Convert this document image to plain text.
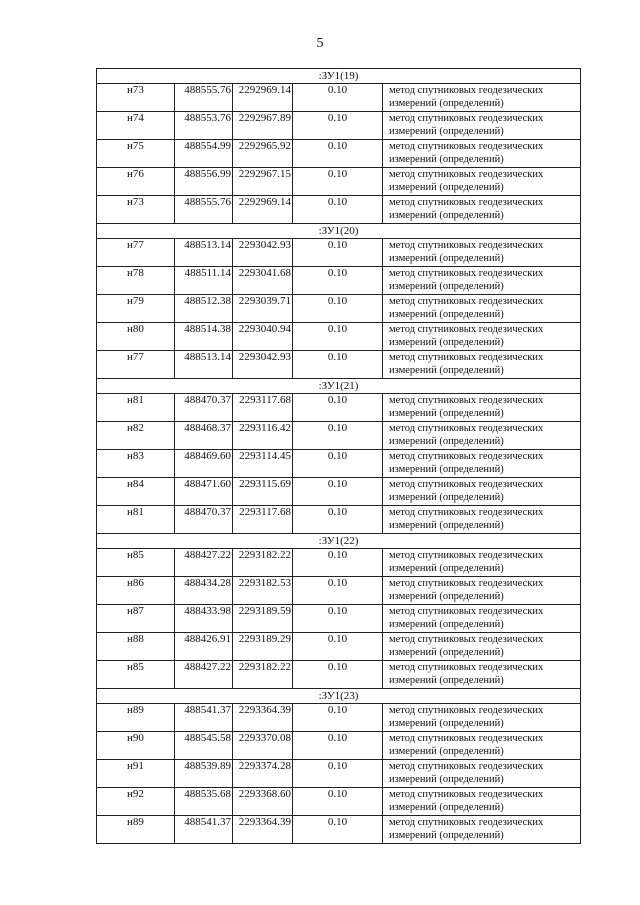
5
:ЗУ1(19)				
н73	488555.76	2292969.14	0.10	метод спутниковых геодезических измерений (определений)
н74	488553.76	2292967.89	0.10	метод спутниковых геодезических измерений (определений)
н75	488554.99	2292965.92	0.10	метод спутниковых геодезических измерений (определений)
н76	488556.99	2292967.15	0.10	метод спутниковых геодезических измерений (определений)
н73	488555.76	2292969.14	0.10	метод спутниковых геодезических измерений (определений)
:ЗУ1(20)				
н77	488513.14	2293042.93	0.10	метод спутниковых геодезических измерений (определений)
н78	488511.14	2293041.68	0.10	метод спутниковых геодезических измерений (определений)
н79	488512.38	2293039.71	0.10	метод спутниковых геодезических измерений (определений)
н80	488514.38	2293040.94	0.10	метод спутниковых геодезических измерений (определений)
н77	488513.14	2293042.93	0.10	метод спутниковых геодезических измерений (определений)
:ЗУ1(21)				
н81	488470.37	2293117.68	0.10	метод спутниковых геодезических измерений (определений)
н82	488468.37	2293116.42	0.10	метод спутниковых геодезических измерений (определений)
н83	488469.60	2293114.45	0.10	метод спутниковых геодезических измерений (определений)
н84	488471.60	2293115.69	0.10	метод спутниковых геодезических измерений (определений)
н81	488470.37	2293117.68	0.10	метод спутниковых геодезических измерений (определений)
:ЗУ1(22)				
н85	488427.22	2293182.22	0.10	метод спутниковых геодезических измерений (определений)
н86	488434.28	2293182.53	0.10	метод спутниковых геодезических измерений (определений)
н87	488433.98	2293189.59	0.10	метод спутниковых геодезических измерений (определений)
н88	488426.91	2293189.29	0.10	метод спутниковых геодезических измерений (определений)
н85	488427.22	2293182.22	0.10	метод спутниковых геодезических измерений (определений)
:ЗУ1(23)				
н89	488541.37	2293364.39	0.10	метод спутниковых геодезических измерений (определений)
н90	488545.58	2293370.08	0.10	метод спутниковых геодезических измерений (определений)
н91	488539.89	2293374.28	0.10	метод спутниковых геодезических измерений (определений)
н92	488535.68	2293368.60	0.10	метод спутниковых геодезических измерений (определений)
н89	488541.37	2293364.39	0.10	метод спутниковых геодезических измерений (определений)
